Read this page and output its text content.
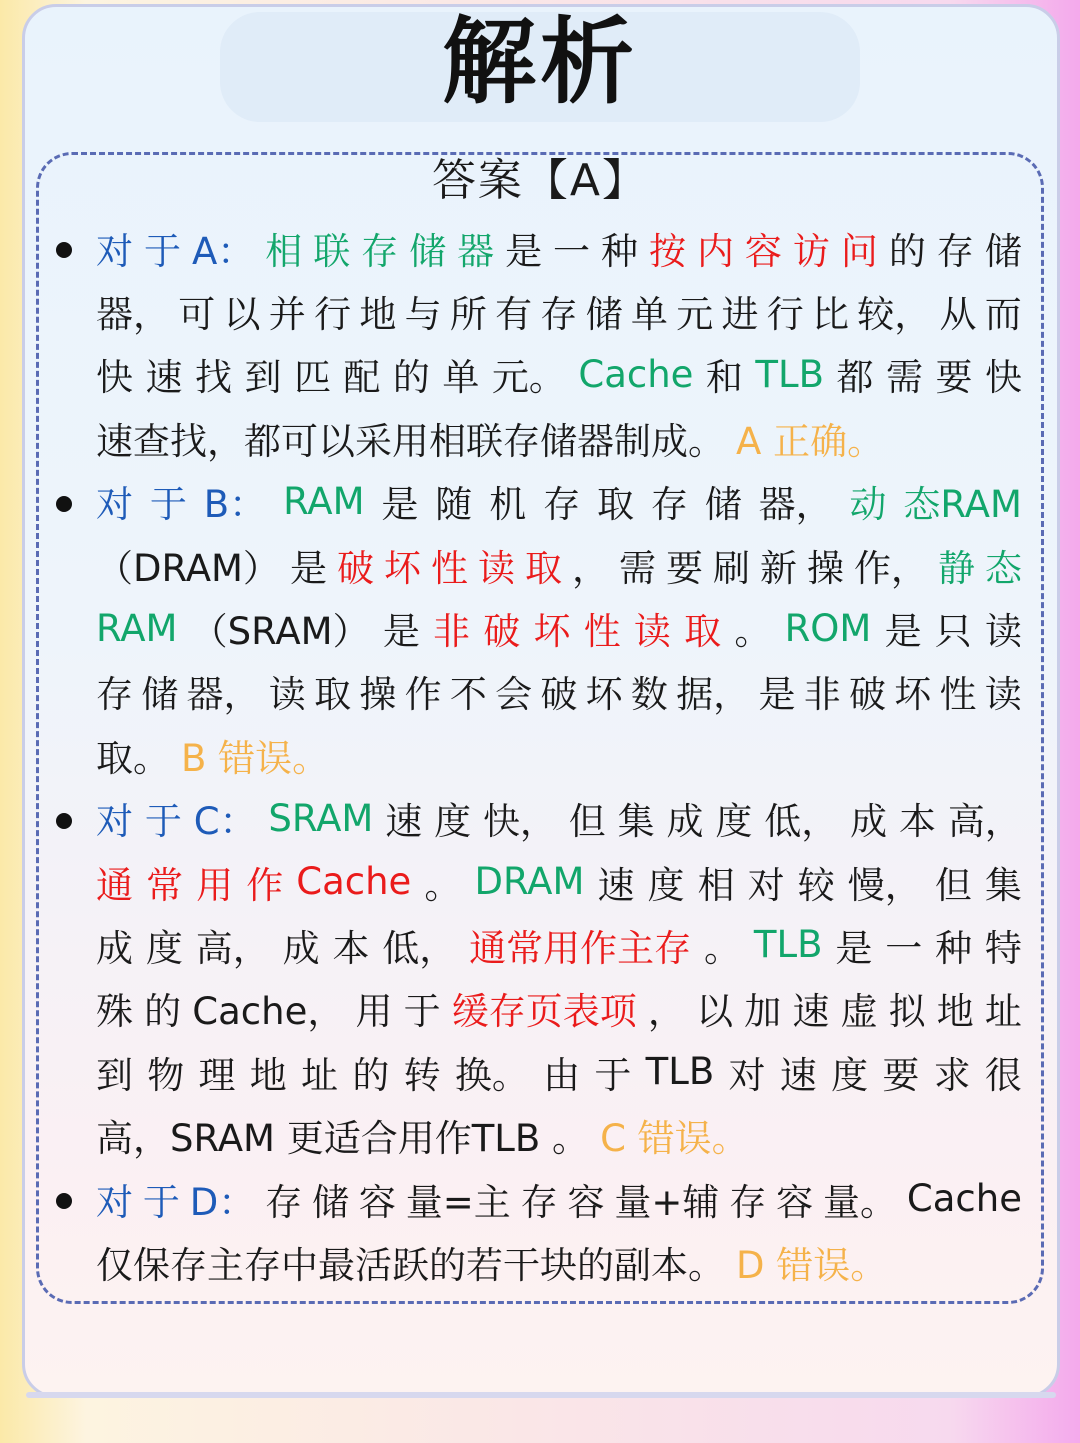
解析
答案【A】
对 于 A： 相 联 存 储 器 是 一 种 按 内 容 访 问 的 存 储
器， 可 以 并 行 地 与 所 有 存 储 单 元 进 行 比 较， 从 而
快 速 找 到 匹 配 的 单 元。 Cache 和 TLB 都 需 要 快
速查找，都可以采用相联存储器制成。 A 正确。
对 于 B： RAM 是 随 机 存 取 存 储 器， 动 态RAM
（DRAM） 是 破 坏 性 读 取 ， 需 要 刷 新 操 作， 静 态
RAM （SRAM） 是 非 破 坏 性 读 取 。 ROM 是 只 读
存 储 器， 读 取 操 作 不 会 破 坏 数 据， 是 非 破 坏 性 读
取。 B 错误。
对 于 C： SRAM 速 度 快， 但 集 成 度 低， 成 本 高，
通 常 用 作 Cache 。 DRAM 速 度 相 对 较 慢， 但 集
成 度 高， 成 本 低， 通常用作主存 。 TLB 是 一 种 特
殊 的 Cache， 用 于 缓存页表项 ， 以 加 速 虚 拟 地 址
到 物 理 地 址 的 转 换。 由 于 TLB 对 速 度 要 求 很
高，SRAM 更适合用作TLB 。 C 错误。
对 于 D： 存 储 容 量=主 存 容 量+辅 存 容 量。 Cache
仅保存主存中最活跃的若干块的副本。 D 错误。
